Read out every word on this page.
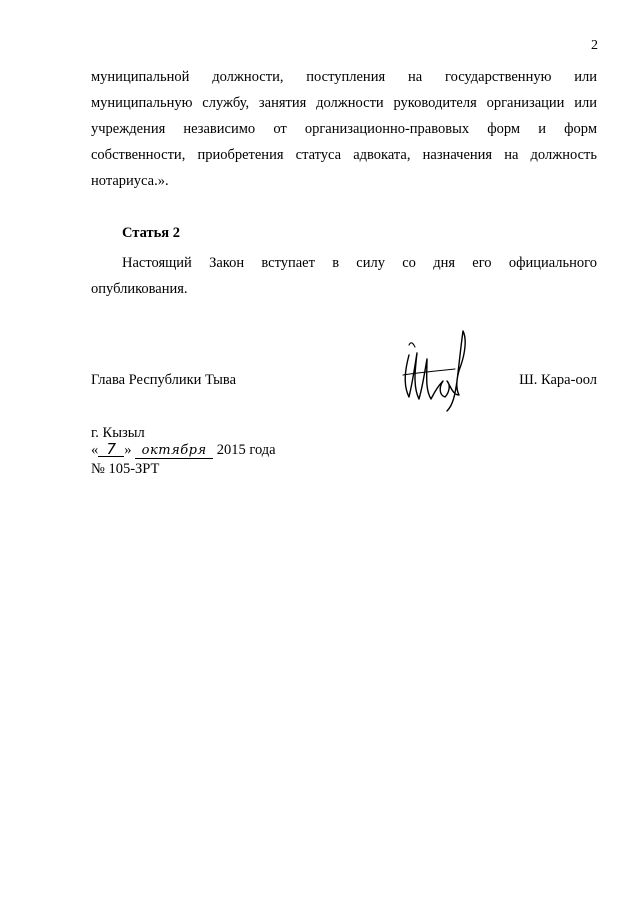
2
муниципальной должности, поступления на государственную или
муниципальную службу, занятия должности руководителя организации или
учреждения независимо от организационно-правовых форм и форм
собственности, приобретения статуса адвоката, назначения на должность
нотариуса.».
Статья 2
Настоящий Закон вступает в силу со дня его официального
опубликования.
Глава Республики Тыва	Ш. Кара-оол
г. Кызыл
« 7 » октября 2015 года
№ 105-ЗРТ
